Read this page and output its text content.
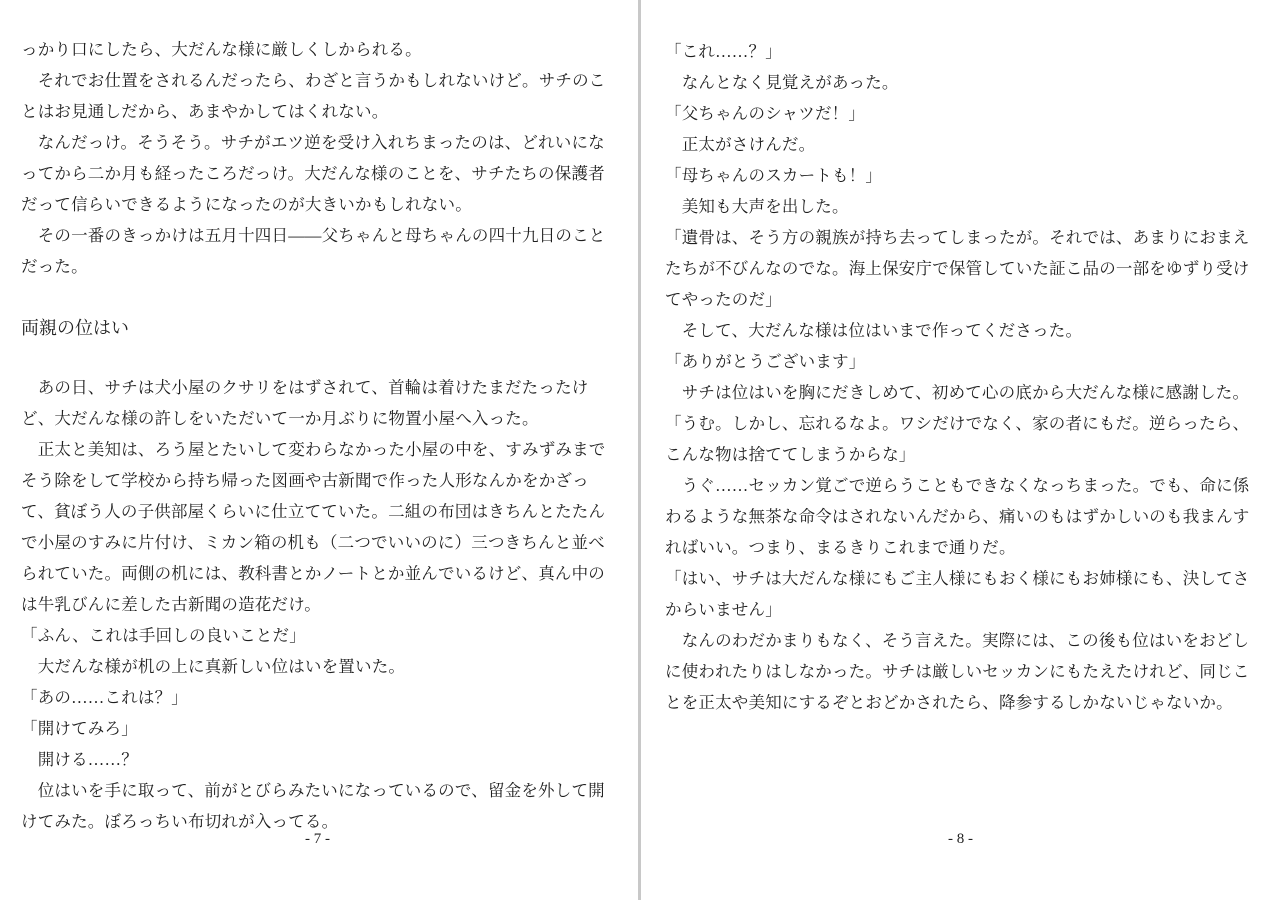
っかり口にしたら、大だんな様に厳しくしかられる。

　それでお仕置をされるんだったら、わざと言うかもしれないけど。サチのことはお見通しだから、あまやかしてはくれない。

　なんだっけ。そうそう。サチがエツ逆を受け入れちまったのは、どれいになってから二か月も経ったころだっけ。大だんな様のことを、サチたちの保護者だって信らいできるようになったのが大きいかもしれない。

　その一番のきっかけは五月十四日——父ちゃんと母ちゃんの四十九日のことだった。

両親の位はい

　あの日、サチは犬小屋のクサリをはずされて、首輪は着けたまだたったけど、大だんな様の許しをいただいて一か月ぶりに物置小屋へ入った。

　正太と美知は、ろう屋とたいして変わらなかった小屋の中を、すみずみまでそう除をして学校から持ち帰った図画や古新聞で作った人形なんかをかざって、貧ぼう人の子供部屋くらいに仕立てていた。二組の布団はきちんとたたんで小屋のすみに片付け、ミカン箱の机も（二つでいいのに）三つきちんと並べられていた。両側の机には、教科書とかノートとか並んでいるけど、真ん中のは牛乳びんに差した古新聞の造花だけ。

「ふん、これは手回しの良いことだ」

　大だんな様が机の上に真新しい位はいを置いた。

「あの……これは？」

「開けてみろ」

　開ける……？

　位はいを手に取って、前がとびらみたいになっているので、留金を外して開けてみた。ぼろっちい布切れが入ってる。

- 7 -

「これ……？」

　なんとなく見覚えがあった。

「父ちゃんのシャツだ！」

　正太がさけんだ。

「母ちゃんのスカートも！」

　美知も大声を出した。

「遺骨は、そう方の親族が持ち去ってしまったが。それでは、あまりにおまえたちが不びんなのでな。海上保安庁で保管していた証こ品の一部をゆずり受けてやったのだ」

　そして、大だんな様は位はいまで作ってくださった。

「ありがとうございます」

　サチは位はいを胸にだきしめて、初めて心の底から大だんな様に感謝した。

「うむ。しかし、忘れるなよ。ワシだけでなく、家の者にもだ。逆らったら、こんな物は捨ててしまうからな」

　うぐ……セッカン覚ごで逆らうこともできなくなっちまった。でも、命に係わるような無茶な命令はされないんだから、痛いのもはずかしいのも我まんすればいい。つまり、まるきりこれまで通りだ。

「はい、サチは大だんな様にもご主人様にもおく様にもお姉様にも、決してさからいません」

　なんのわだかまりもなく、そう言えた。実際には、この後も位はいをおどしに使われたりはしなかった。サチは厳しいセッカンにもたえたけれど、同じことを正太や美知にするぞとおどかされたら、降参するしかないじゃないか。

- 8 -
